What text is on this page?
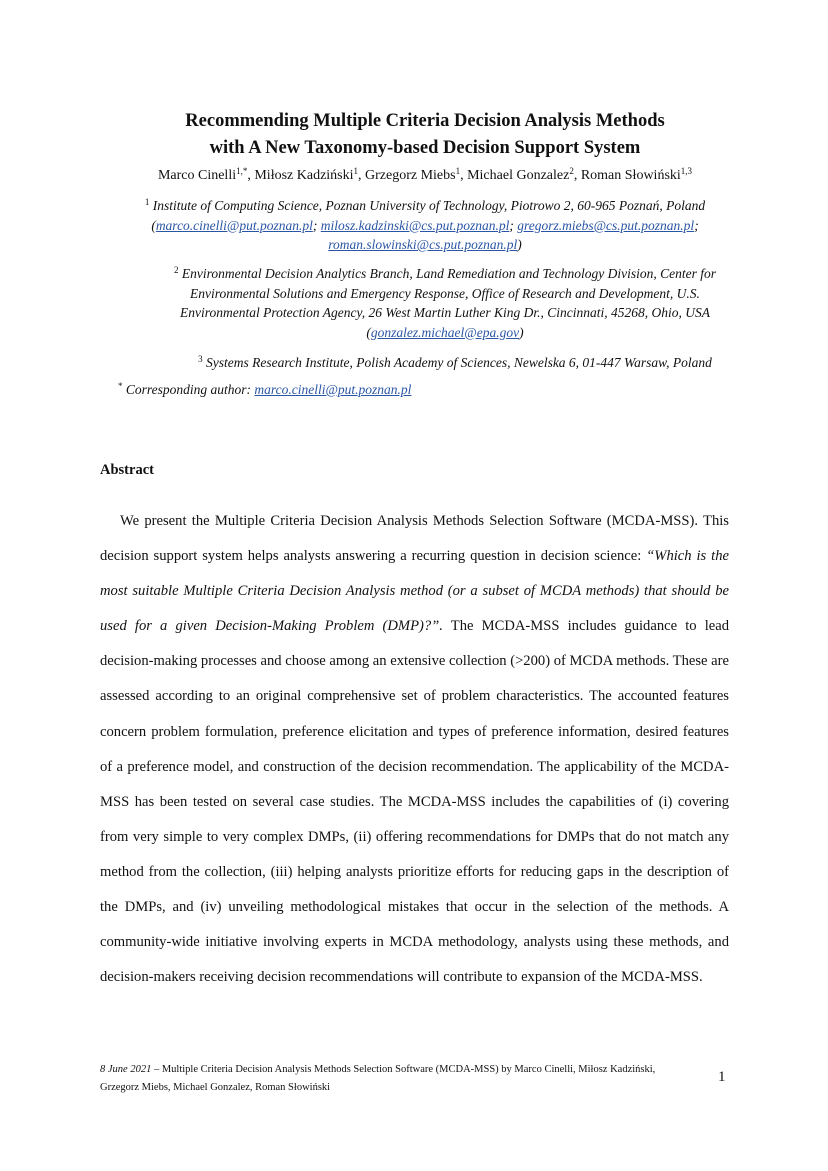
Recommending Multiple Criteria Decision Analysis Methods
with A New Taxonomy-based Decision Support System
Marco Cinelli$^{1,*}$, Miłosz Kadziński$^1$, Grzegorz Miebs$^1$, Michael Gonzalez$^2$, Roman Słowiński$^{1,3}$
$^1$ Institute of Computing Science, Poznan University of Technology, Piotrowo 2, 60-965 Poznań, Poland
(marco.cinelli@put.poznan.pl; milosz.kadzinski@cs.put.poznan.pl; gregorz.miebs@cs.put.poznan.pl;
roman.slowinski@cs.put.poznan.pl)
$^2$ Environmental Decision Analytics Branch, Land Remediation and Technology Division, Center for
Environmental Solutions and Emergency Response, Office of Research and Development, U.S.
Environmental Protection Agency, 26 West Martin Luther King Dr., Cincinnati, 45268, Ohio, USA
(gonzalez.michael@epa.gov)
$^3$ Systems Research Institute, Polish Academy of Sciences, Newelska 6, 01-447 Warsaw, Poland
* Corresponding author: marco.cinelli@put.poznan.pl
Abstract

We present the Multiple Criteria Decision Analysis Methods Selection Software (MCDA-MSS). This decision support system helps analysts answering a recurring question in decision science: “Which is the most suitable Multiple Criteria Decision Analysis method (or a subset of MCDA methods) that should be used for a given Decision-Making Problem (DMP)?”. The MCDA-MSS includes guidance to lead decision-making processes and choose among an extensive collection (>200) of MCDA methods. These are assessed according to an original comprehensive set of problem characteristics. The accounted features concern problem formulation, preference elicitation and types of preference information, desired features of a preference model, and construction of the decision recommendation. The applicability of the MCDA-MSS has been tested on several case studies. The MCDA-MSS includes the capabilities of (i) covering from very simple to very complex DMPs, (ii) offering recommendations for DMPs that do not match any method from the collection, (iii) helping analysts prioritize efforts for reducing gaps in the description of the DMPs, and (iv) unveiling methodological mistakes that occur in the selection of the methods. A community-wide initiative involving experts in MCDA methodology, analysts using these methods, and decision-makers receiving decision recommendations will contribute to expansion of the MCDA-MSS.

8 June 2021 – Multiple Criteria Decision Analysis Methods Selection Software (MCDA-MSS) by Marco Cinelli, Miłosz Kadziński,
Grzegorz Miebs, Michael Gonzalez, Roman Słowiński
1
